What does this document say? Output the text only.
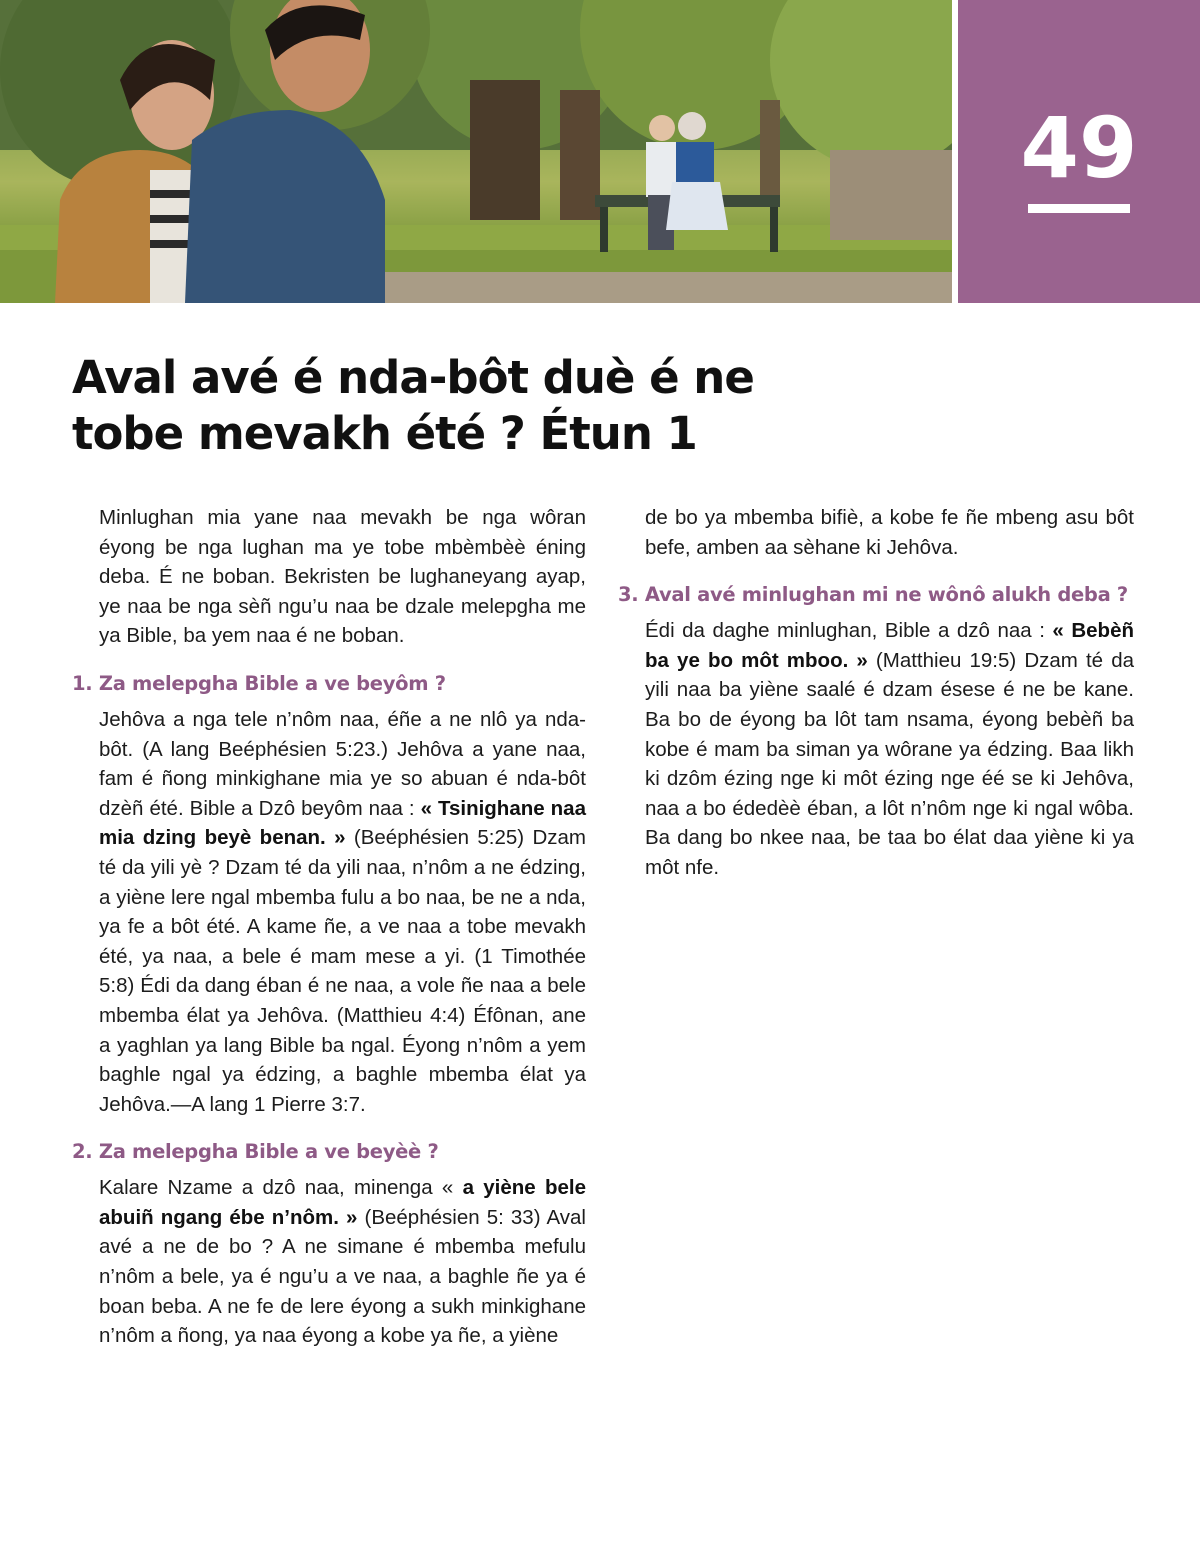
49
Aval avé é nda-bôt duè é ne
tobe mevakh été ? Étun 1

Minlughan mia yane naa mevakh be nga wôran éyong be nga lughan ma ye tobe mbèmbèè éning deba. É ne boban. Bekristen be lughaneyang ayap, ye naa be nga sèñ ngu’u naa be dzale melepgha me ya Bible, ba yem naa é ne boban.

1. Za melepgha Bible a ve beyôm ?

Jehôva a nga tele n’nôm naa, éñe a ne nlô ya nda-bôt. (A lang Beéphésien 5:23.) Jehôva a yane naa, fam é ñong minkighane mia ye so abuan é nda-bôt dzèñ été. Bible a Dzô beyôm naa : « Tsinighane naa mia dzing beyè benan. » (Beéphésien 5:25) Dzam té da yili yè ? Dzam té da yili naa, n’nôm a ne édzing, a yiène lere ngal mbemba fulu a bo naa, be ne a nda, ya fe a bôt été. A kame ñe, a ve naa a tobe mevakh été, ya naa, a bele é mam mese a yi. (1 Timothée 5:8) Édi da dang éban é ne naa, a vole ñe naa a bele mbemba élat ya Jehôva. (Matthieu 4:4) Éfônan, ane a yaghlan ya lang Bible ba ngal. Éyong n’nôm a yem baghle ngal ya édzing, a baghle mbemba élat ya Jehôva.—A lang 1 Pierre 3:7.

2. Za melepgha Bible a ve beyèè ?

Kalare Nzame a dzô naa, minenga « a yiène bele abuiñ ngang ébe n’nôm. » (Beéphésien 5: 33) Aval avé a ne de bo ? A ne simane é mbemba mefulu n’nôm a bele, ya é ngu’u a ve naa, a baghle ñe ya é boan beba. A ne fe de lere éyong a sukh minkighane n’nôm a ñong, ya naa éyong a kobe ya ñe, a yiène

de bo ya mbemba bifiè, a kobe fe ñe mbeng asu bôt befe, amben aa sèhane ki Jehôva.

3. Aval avé minlughan mi ne wônô alukh deba ?

Édi da daghe minlughan, Bible a dzô naa : « Bebèñ ba ye bo môt mboo. » (Matthieu 19:5) Dzam té da yili naa ba yiène saalé é dzam ésese é ne be kane. Ba bo de éyong ba lôt tam nsama, éyong bebèñ ba kobe é mam ba siman ya wôrane ya édzing. Baa likh ki dzôm ézing nge ki môt ézing nge éé se ki Jehôva, naa a bo édedèè éban, a lôt n’nôm nge ki ngal wôba. Ba dang bo nkee naa, be taa bo élat daa yiène ki ya môt nfe.
